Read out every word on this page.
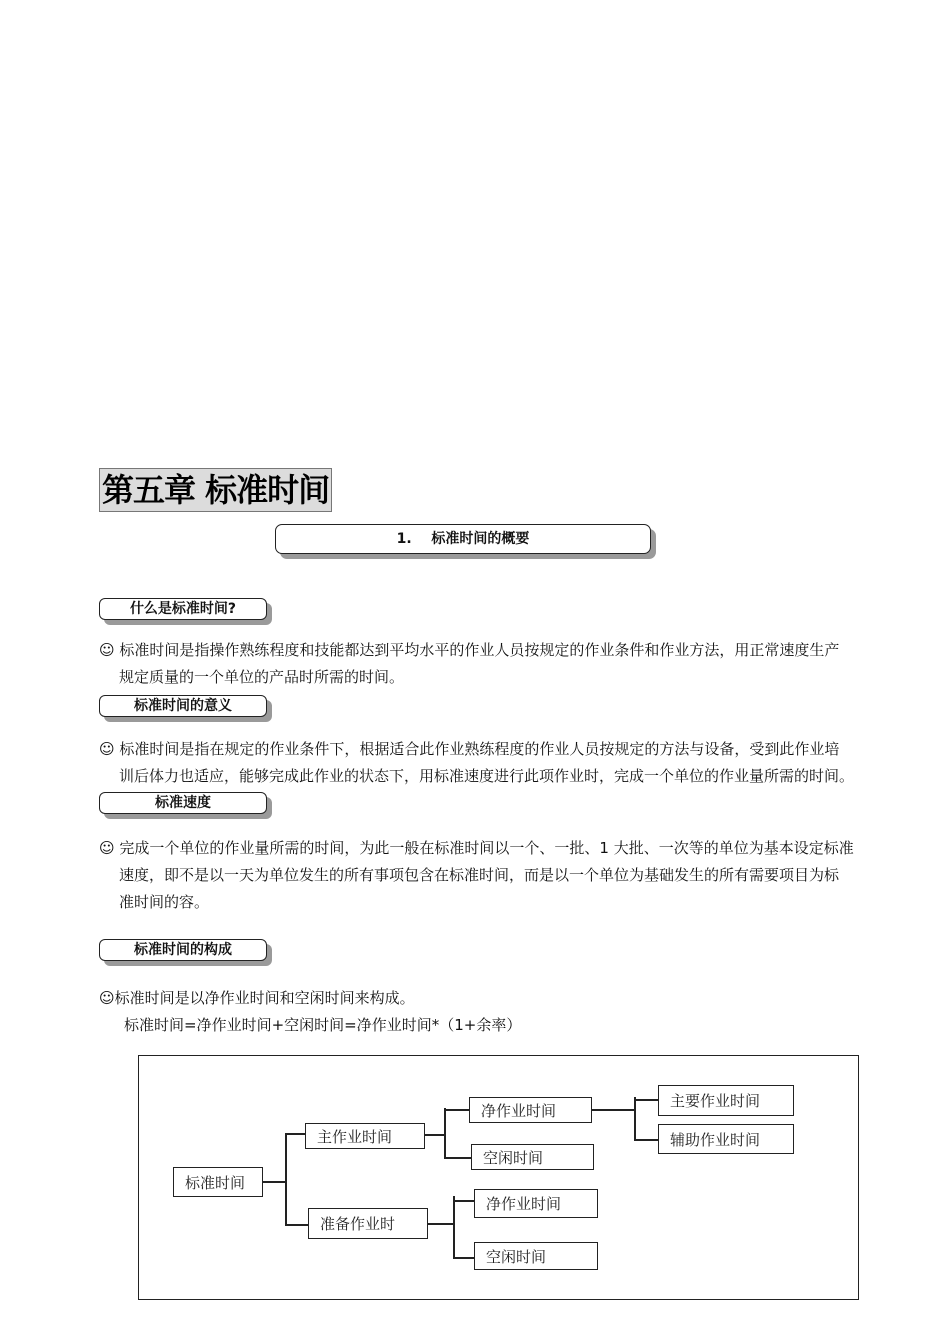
第五章 标准时间
1. 标准时间的概要
什么是标准时间?
☺ 标准时间是指操作熟练程度和技能都达到平均水平的作业人员按规定的作业条件和作业方法，用正常速度生产
规定质量的一个单位的产品时所需的时间。
标准时间的意义
☺ 标准时间是指在规定的作业条件下，根据适合此作业熟练程度的作业人员按规定的方法与设备，受到此作业培
训后体力也适应，能够完成此作业的状态下，用标准速度进行此项作业时，完成一个单位的作业量所需的时间。
标准速度
☺ 完成一个单位的作业量所需的时间，为此一般在标准时间以一个、一批、1 大批、一次等的单位为基本设定标准
速度，即不是以一天为单位发生的所有事项包含在标准时间，而是以一个单位为基础发生的所有需要项目为标
准时间的容。
标准时间的构成
☺标准时间是以净作业时间和空闲时间来构成。
标准时间=净作业时间+空闲时间=净作业时间*（1+余率）
标准时间
主作业时间
准备作业时
净作业时间
空闲时间
主要作业时间
辅助作业时间
净作业时间
空闲时间
